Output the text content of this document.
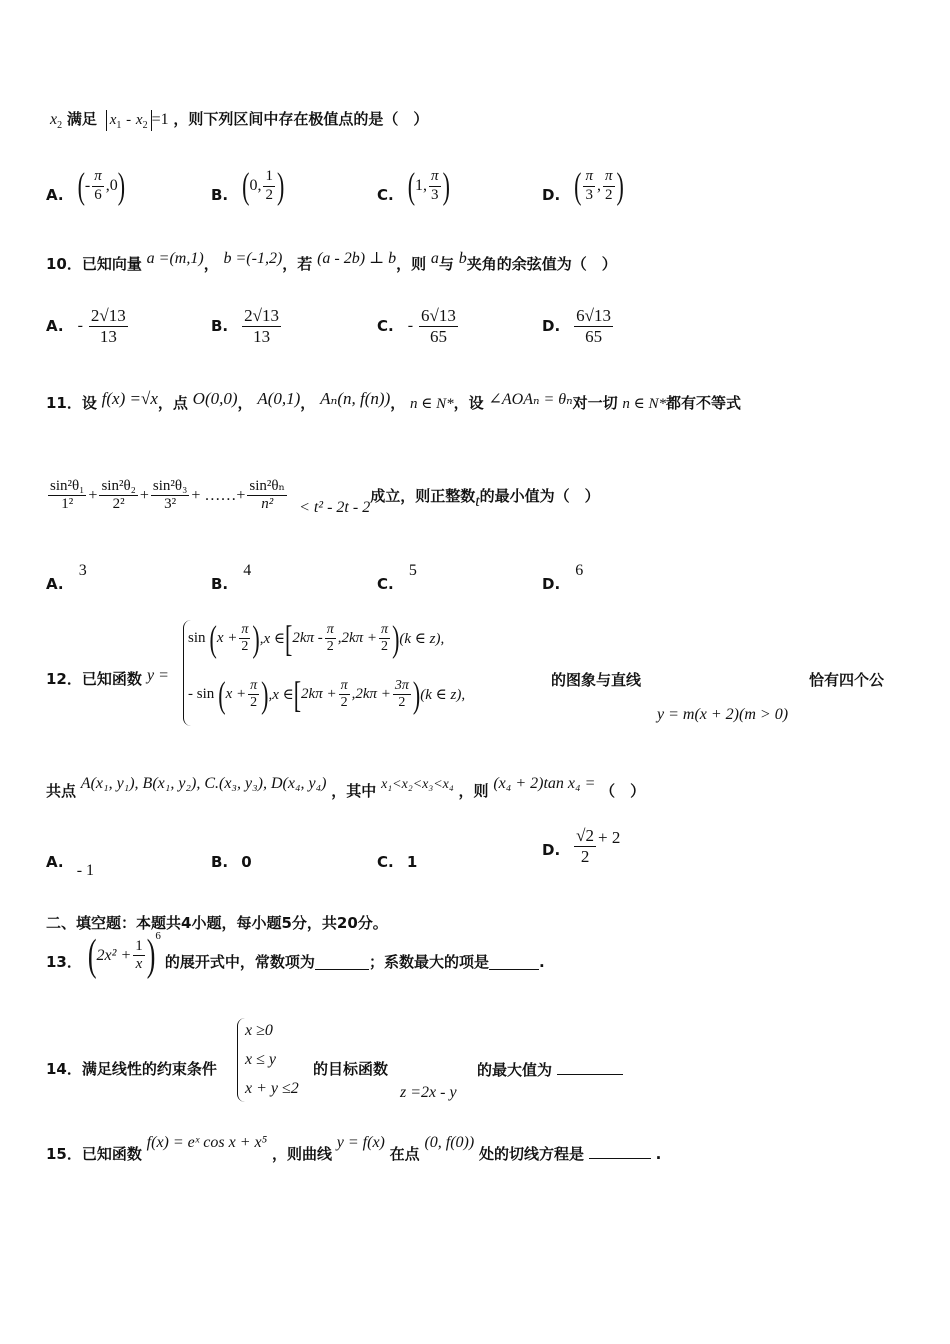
$x_2$ 满足 $x_1 - x_2 =1$ ，则下列区间中存在极值点的是（　）
A. ( - $\frac{\pi}{6} ,0$ )	B. ( 0, $\frac{1}{2}$ )	C. ( 1, $\frac{\pi}{3}$ )	D. ( $\frac{\pi}{3}$ , $\frac{\pi}{2}$ )
10．已知向量 a =(m,1)， b =(-1,2)，若 (a - 2b) ⊥ b，则 a与 b夹角的余弦值为（　）
A. - $\frac{2√13}{13}$	B. $\frac{2√13}{13}$	C. - $\frac{6√13}{65}$	D. $\frac{6√13}{65}$
11．设 f(x) =√x，点 O(0,0)， A(0,1)， Aₙ(n, f(n))， n ∈ N*，设 ∠AOAₙ = θₙ对一切 n ∈ N*都有不等式
$\frac{\text{sin²θ₁}}{\text{1²}} + \frac{\text{sin²θ₂}}{\text{2²}} + \frac{\text{sin²θ₃}}{\text{3²}}$ + ……+ $\frac{\text{sin²θₙ}}{\text{n²}} < t^2 - 2t - 2$
成立，则正整数 t 的最小值为（　）
A. 3
B. 4
C. 5
D. 6
12．已知函数 y =
sin ( $x + \frac{\pi}{2}$ ) ,x ∈ [ $2k\pi - \frac{\pi}{2} ,2k\pi + \frac{\pi}{2}$ ) (k ∈ z),
- sin ( $x + \frac{\pi}{2}$ ) ,x ∈ [ $2k\pi + \frac{\pi}{2} ,2k\pi + \frac{3\pi}{2}$ ) (k ∈ z),
的图象与直线	恰有四个公
y = m(x + 2)(m > 0)
共点 A(x₁, y₁), B(x₁, y₂), C.(x₃, y₃), D(x₄, y₄) ，其中 x₁<x₂<x₃<x₄ ，则 (x₄ + 2)tan x₄ = （　）
A. - 1	B. 0	C. 1
D. $\frac{√2}{2} + 2$
二、填空题：本题共4小题，每小题5分，共20分。
13． ( $2x^2 + \frac{1}{x}$ ) 6
的展开式中，常数项为	；系数最大的项是	.
14．满足线性的约束条件
x ≥0
x ≤ y
x + y ≤2
的目标函数
z =2x - y
的最大值为
15．已知函数 f(x) = eˣ cos x + x⁵ ，则曲线 y = f(x) 在点 (0, f(0)) 处的切线方程是	.
